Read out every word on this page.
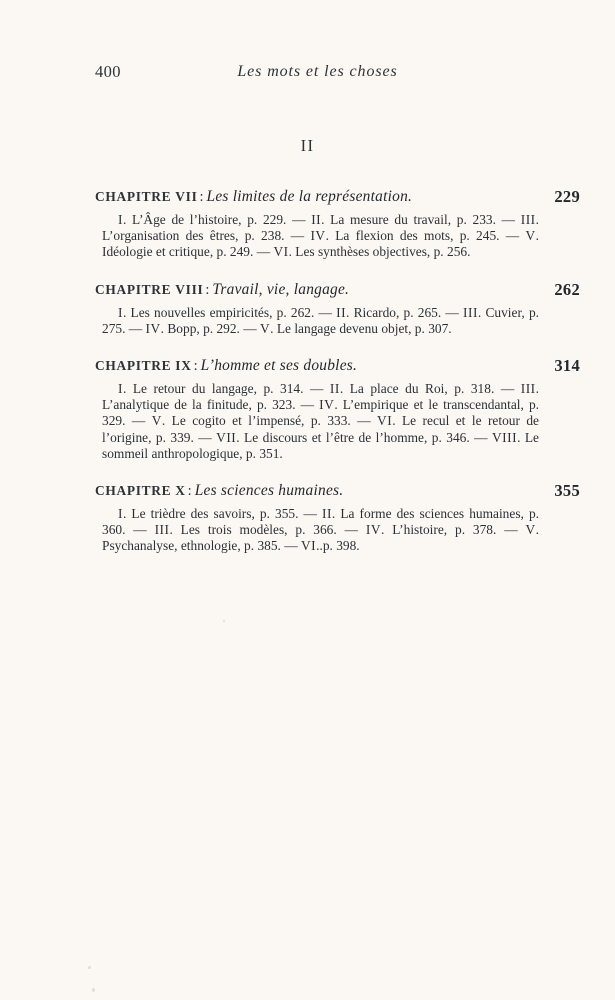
400	Les mots et les choses
II
CHAPITRE VII : Les limites de la représentation.	229
I. L’Âge de l’histoire, p. 229. — II. La mesure du travail, p. 233. — III. L’organisation des êtres, p. 238. — IV. La flexion des mots, p. 245. — V. Idéologie et critique, p. 249. — VI. Les synthèses objectives, p. 256.
CHAPITRE VIII : Travail, vie, langage.	262
I. Les nouvelles empiricités, p. 262. — II. Ricardo, p. 265. — III. Cuvier, p. 275. — IV. Bopp, p. 292. — V. Le langage devenu objet, p. 307.
CHAPITRE IX : L’homme et ses doubles.	314
I. Le retour du langage, p. 314. — II. La place du Roi, p. 318. — III. L’analytique de la finitude, p. 323. — IV. L’empirique et le transcendantal, p. 329. — V. Le cogito et l’impensé, p. 333. — VI. Le recul et le retour de l’origine, p. 339. — VII. Le discours et l’être de l’homme, p. 346. — VIII. Le sommeil anthropologique, p. 351.
CHAPITRE X : Les sciences humaines.	355
I. Le trièdre des savoirs, p. 355. — II. La forme des sciences humaines, p. 360. — III. Les trois modèles, p. 366. — IV. L’histoire, p. 378. — V. Psychanalyse, ethnologie, p. 385. — VI..p. 398.
